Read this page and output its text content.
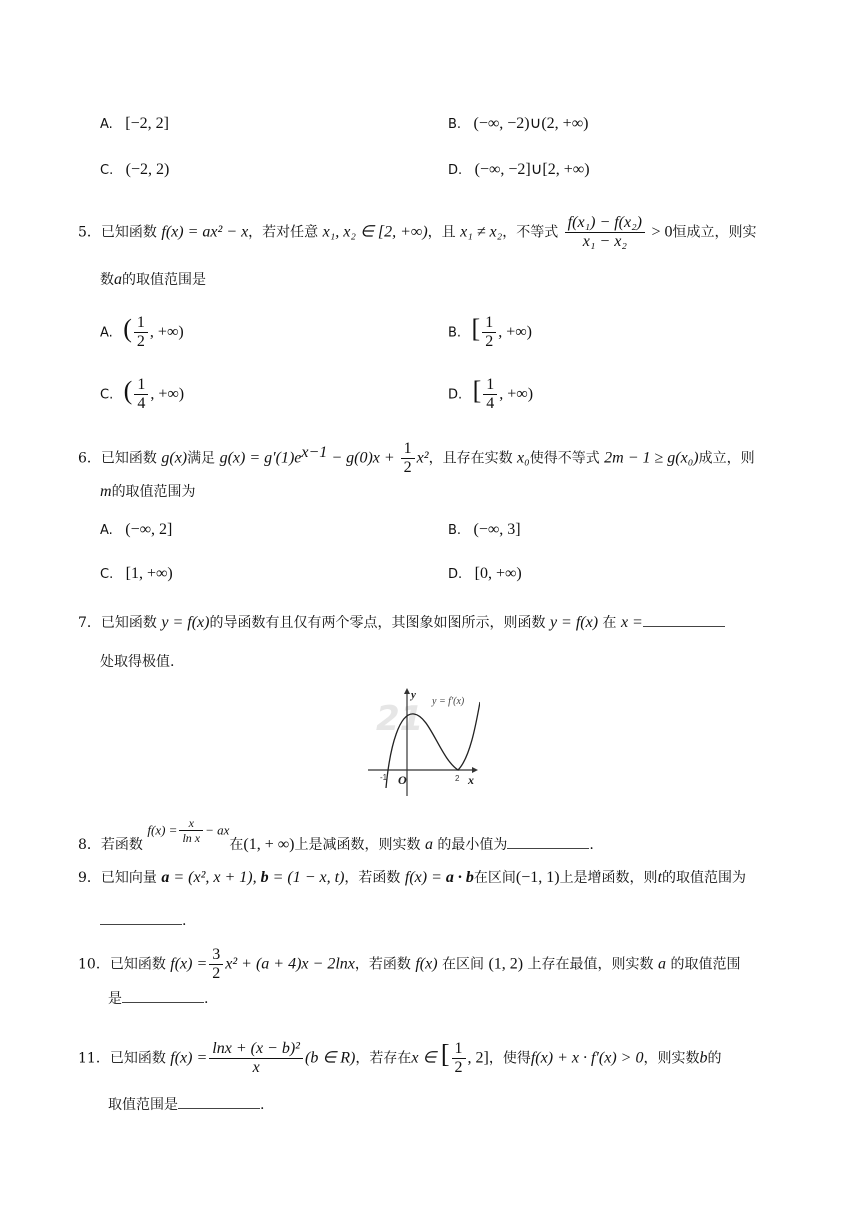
A. [−2, 2]	B. (−∞, −2)∪(2, +∞)
C. (−2, 2)	D. (−∞, −2]∪[2, +∞)
5．已知函数 f(x) = ax² − x，若对任意 x₁, x₂ ∈ [2, +∞)，且 x₁ ≠ x₂，不等式 $\frac{\text{f(x₁) − f(x₂)}}{\text{x₁ − x₂}} > 0$恒成立，则实
数a的取值范围是
A. ( $\frac{1}{2}$ , +∞)	B. [ $\frac{1}{2}$ , +∞)
C. ( $\frac{1}{4}$ , +∞)	D. [ $\frac{1}{4}$ , +∞)
6．已知函数 g(x)满足 $g(x) = g'(1)e^{x-1} - g(0)x + \frac{1}{2} x^2$，且存在实数 x₀使得不等式 2m − 1 ≥ g(x₀)成立，则
m的取值范围为
A. (−∞, 2]	B. (−∞, 3]
C. [1, +∞)	D. [0, +∞)
7．已知函数 y = f(x)的导函数有且仅有两个零点，其图象如图所示，则函数 y = f(x) 在 x =
处取得极值.
21
y
y = f′(x)
x
O
-1	2
8．若函数 $f(x) = \frac{x}{\text{ln x}}$ − ax在(1, + ∞)上是减函数，则实数 a 的最小值为	.
9．已知向量 a = (x², x + 1), b = (1 − x, t)，若函数 f(x) = a · b在区间(−1, 1)上是增函数，则t的取值范围为
.
10．已知函数 $f(x) = \frac{3}{2} x^2 + (a + 4)x - 2\ln x$，若函数 f(x) 在区间 (1, 2) 上存在最值，则实数 a 的取值范围
是	.
11．已知函数 $f(x) = \frac{\text{lnx + (x − b)²}}{x} (b$ ∈ R)，若存在x ∈ [ $\frac{1}{2}$ , 2]，使得f(x) + x · f′(x) > 0，则实数b的
取值范围是	.
